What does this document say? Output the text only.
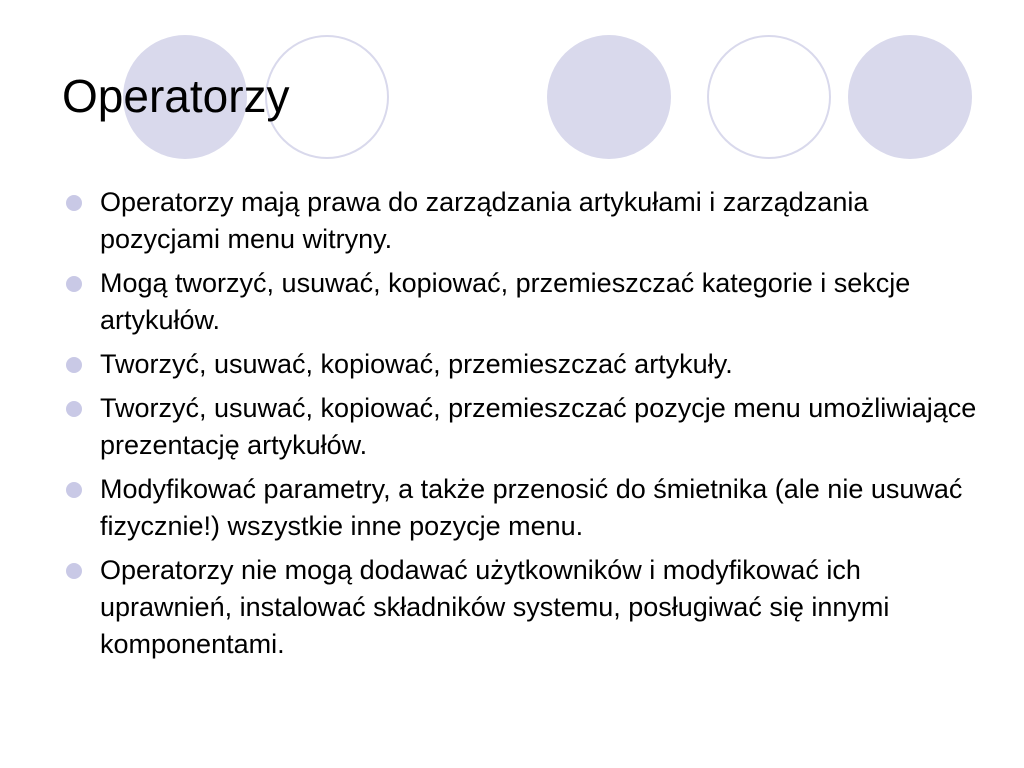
Operatorzy
Operatorzy mają prawa do zarządzania artykułami i zarządzania pozycjami menu witryny.
Mogą tworzyć, usuwać, kopiować, przemieszczać kategorie i sekcje artykułów.
Tworzyć, usuwać, kopiować, przemieszczać artykuły.
Tworzyć, usuwać, kopiować, przemieszczać pozycje menu umożliwiające prezentację artykułów.
Modyfikować parametry, a także przenosić do śmietnika (ale nie usuwać fizycznie!) wszystkie inne pozycje menu.
Operatorzy nie mogą dodawać użytkowników i modyfikować ich uprawnień, instalować składników systemu, posługiwać się innymi komponentami.
